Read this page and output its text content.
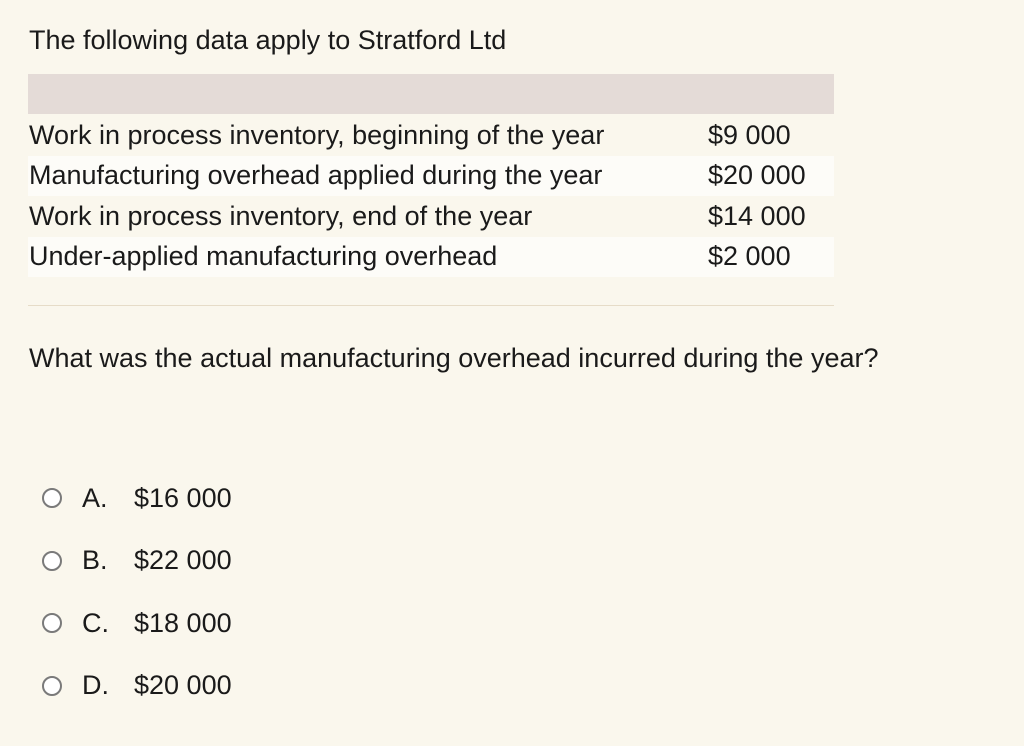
The following data apply to Stratford Ltd
Work in process inventory, beginning of the year	$9 000
Manufacturing overhead applied during the year	$20 000
Work in process inventory, end of the year	$14 000
Under-applied manufacturing overhead	$2 000

What was the actual manufacturing overhead incurred during the year?

A. $16 000
B. $22 000
C. $18 000
D. $20 000
